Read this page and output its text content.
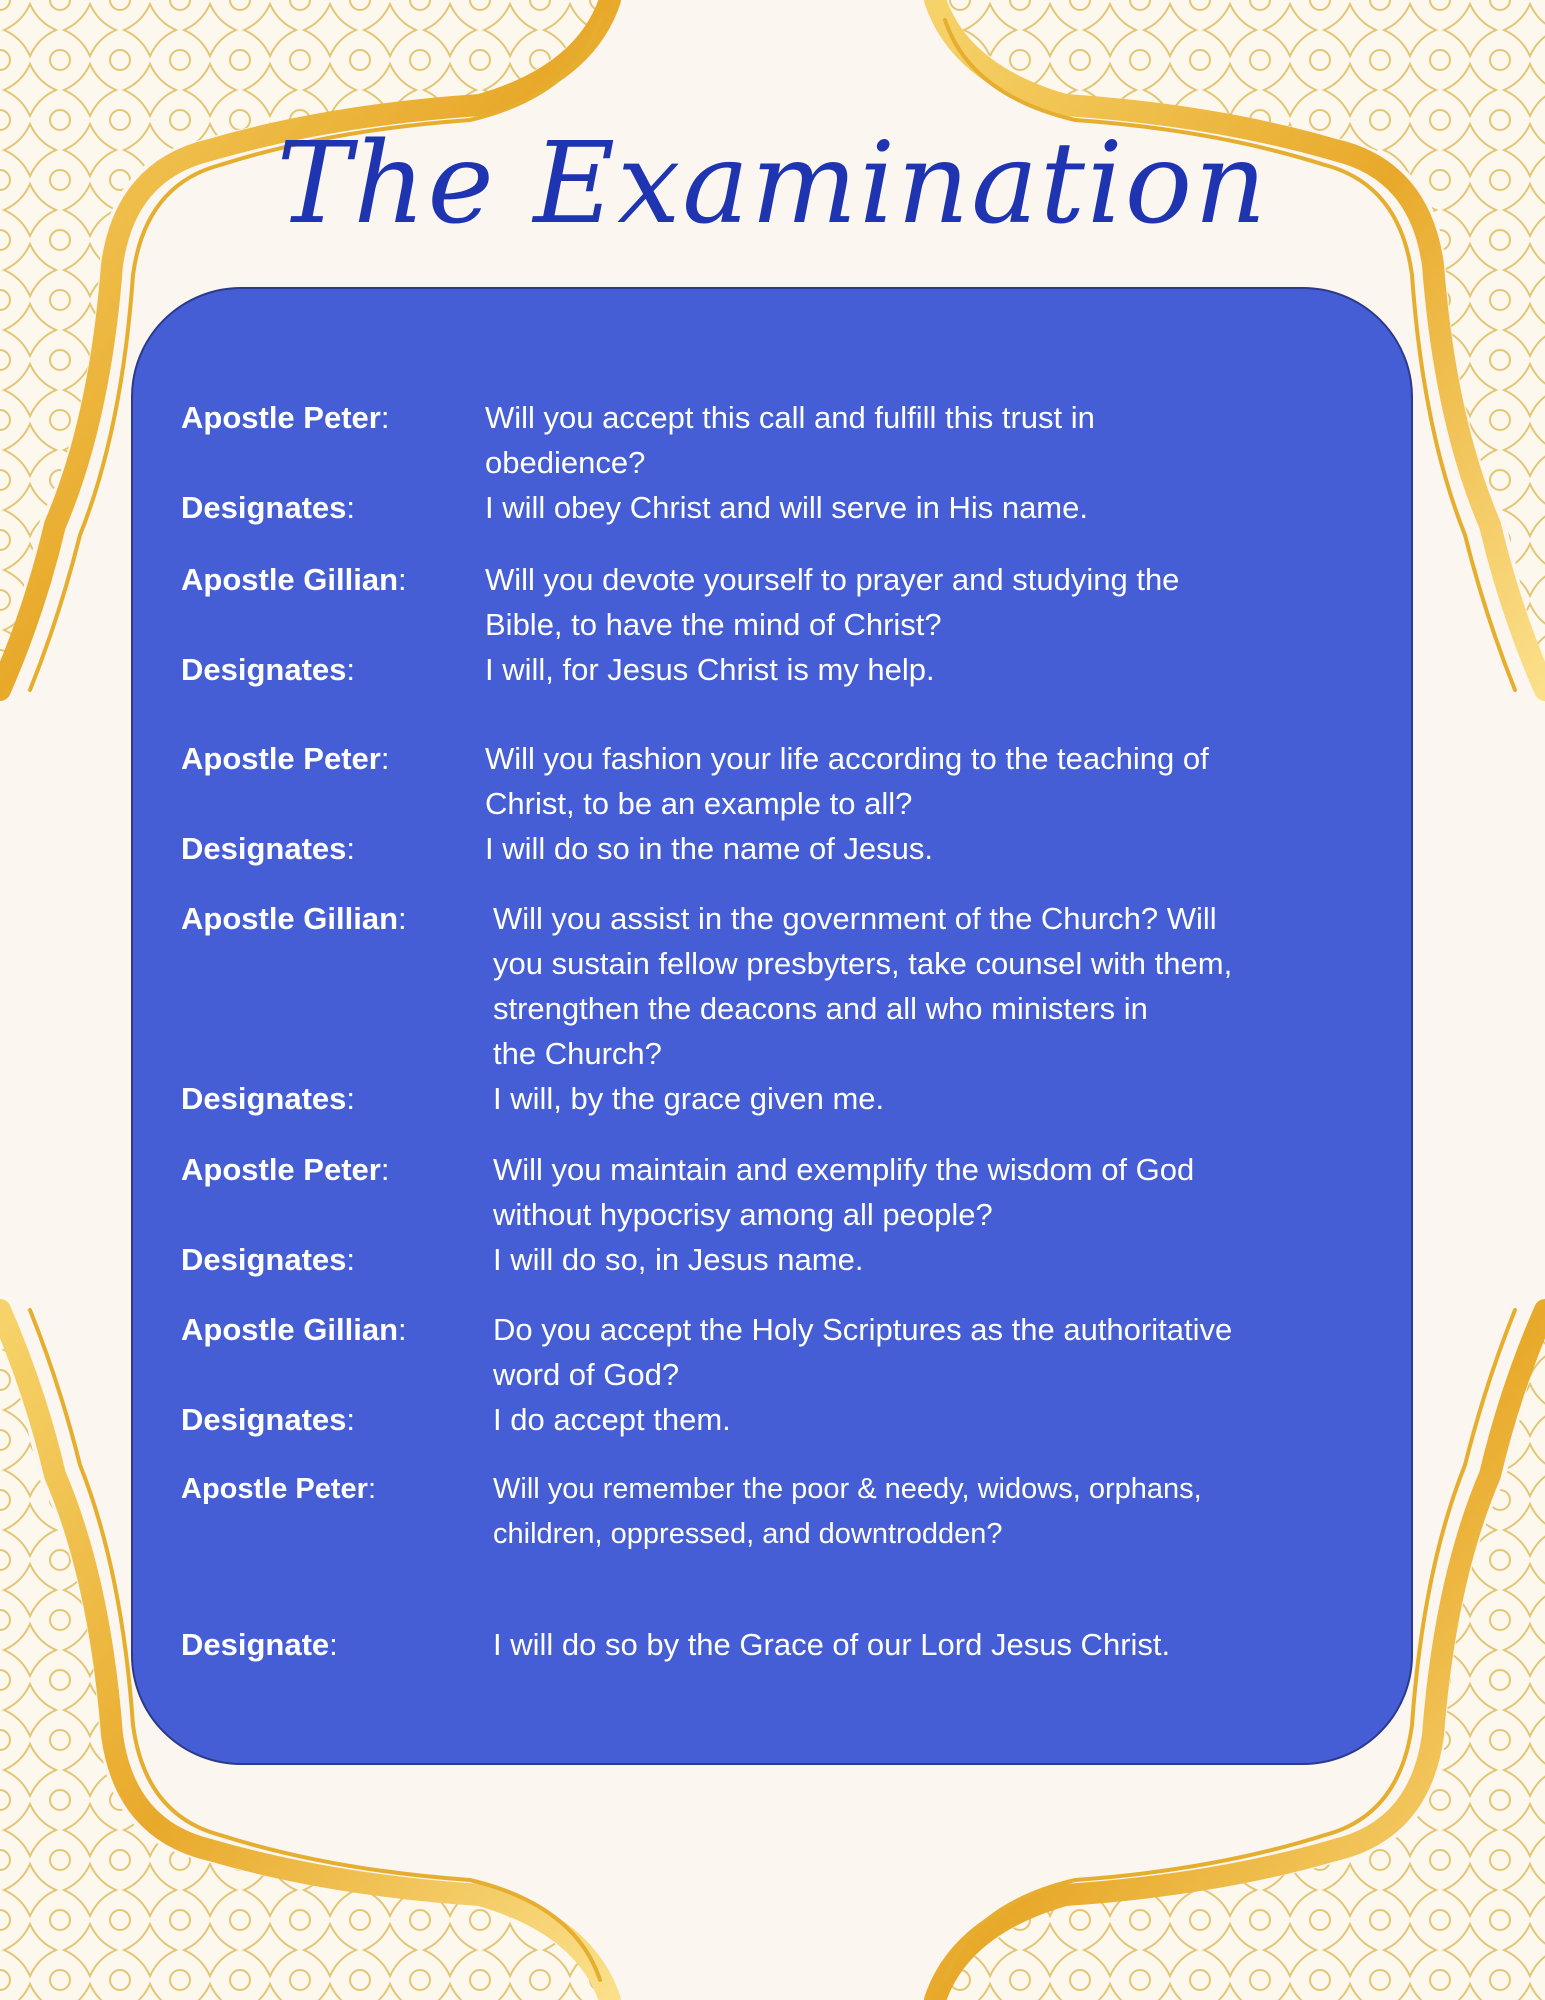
The Examination
Apostle Peter:	Will you accept this call and fulfill this trust in
obedience?
Designates:	I will obey Christ and will serve in His name.
Apostle Gillian:	Will you devote yourself to prayer and studying the
Bible, to have the mind of Christ?
Designates:	I will, for Jesus Christ is my help.
Apostle Peter:	Will you fashion your life according to the teaching of
Christ, to be an example to all?
Designates:	I will do so in the name of Jesus.
Apostle Gillian:	Will you assist in the government of the Church? Will
you sustain fellow presbyters, take counsel with them,
strengthen the deacons and all who ministers in
the Church?
Designates:	I will, by the grace given me.
Apostle Peter:	Will you maintain and exemplify the wisdom of God
without hypocrisy among all people?
Designates:	I will do so, in Jesus name.
Apostle Gillian:	Do you accept the Holy Scriptures as the authoritative
word of God?
Designates:	I do accept them.
Apostle Peter:	Will you remember the poor & needy, widows, orphans,
children, oppressed, and downtrodden?
Designate:	I will do so by the Grace of our Lord Jesus Christ.
